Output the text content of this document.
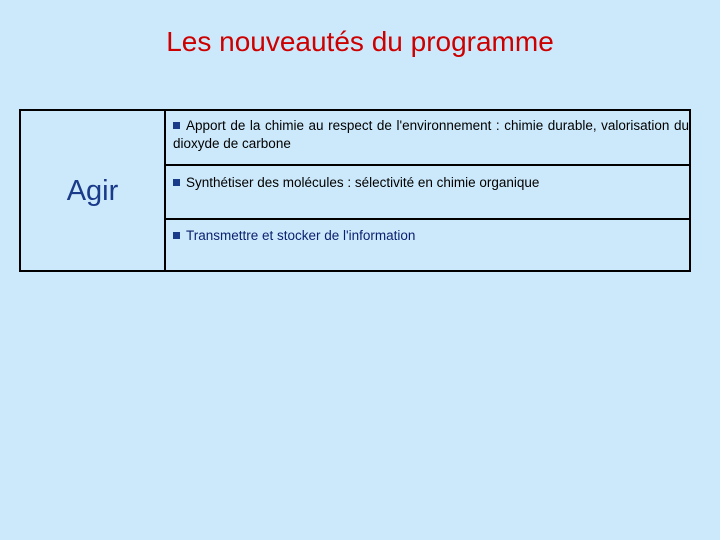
Les nouveautés du programme
Agir
Apport de la chimie au respect de l'environnement : chimie durable, valorisation du dioxyde de carbone
Synthétiser des molécules : sélectivité en chimie organique
Transmettre et stocker de l'information
